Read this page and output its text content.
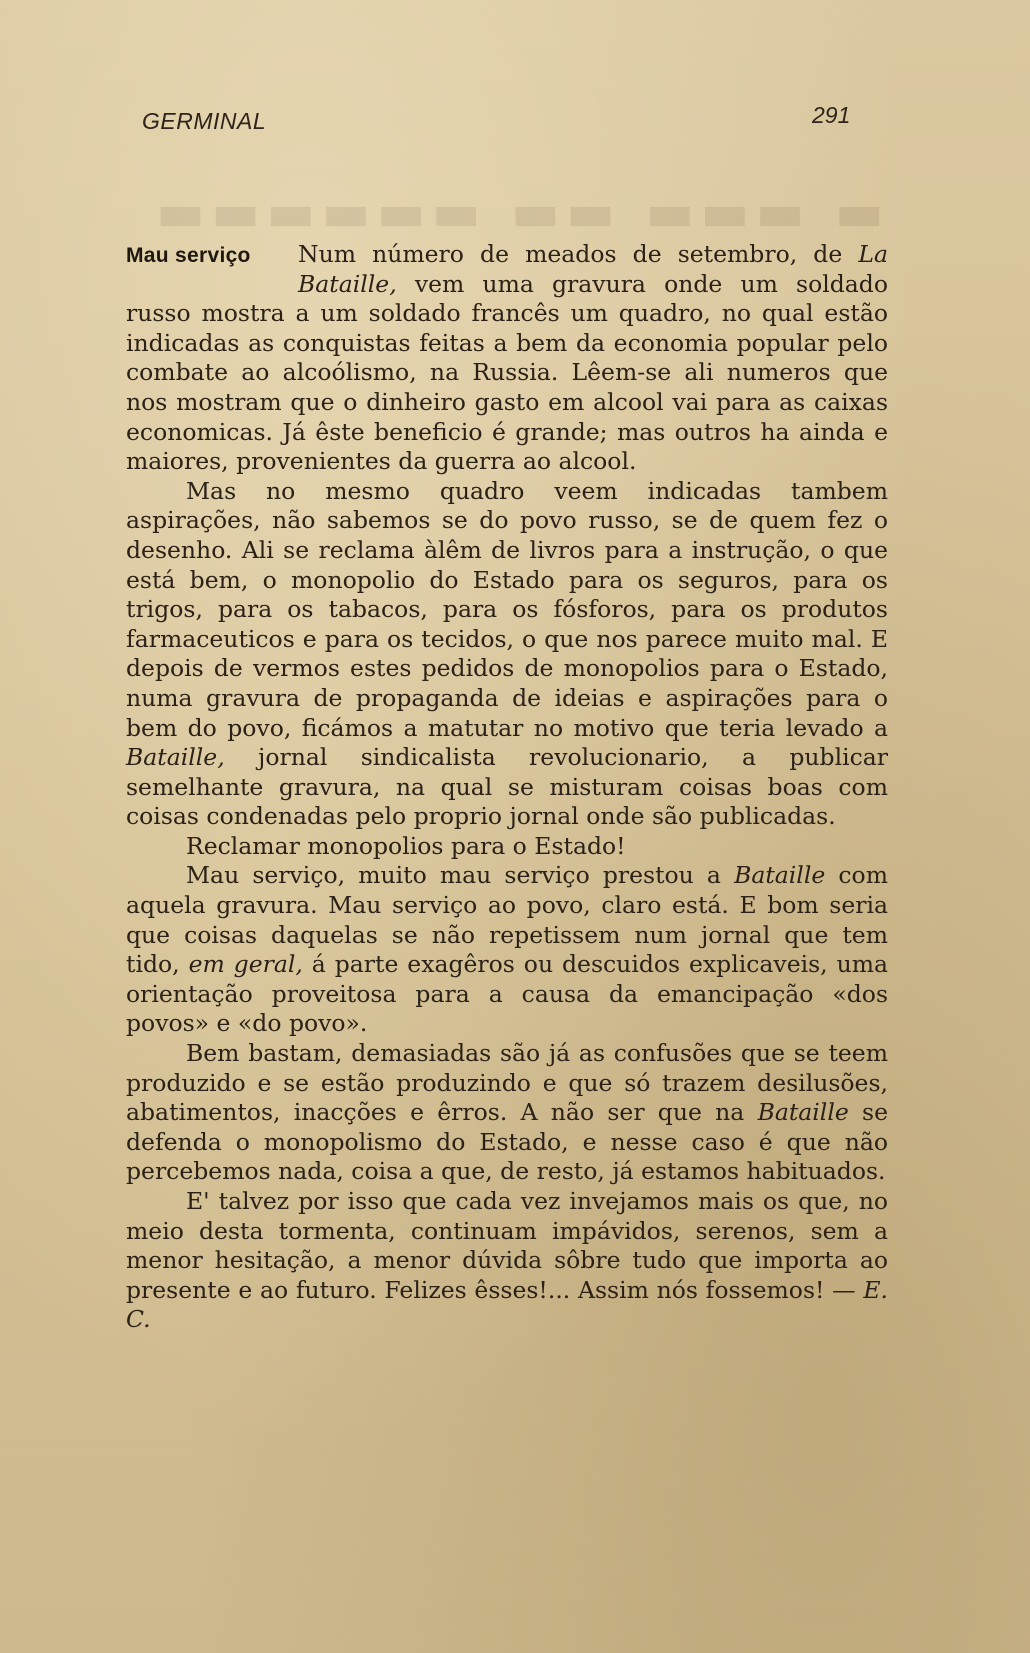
▬ ▬▬▬ ▬▬ ▬▬▬▬▬▬
GERMINAL	291

Mau serviço	Num número de meados de setembro, de La Bataille, vem uma gravura onde um soldado russo mostra a um soldado francês um quadro, no qual estão indicadas as conquistas feitas a bem da economia popular pelo combate ao alcoólismo, na Russia. Lêem-se ali numeros que nos mostram que o dinheiro gasto em alcool vai para as caixas economicas. Já êste beneficio é grande; mas outros ha ainda e maiores, provenientes da guerra ao alcool.

Mas no mesmo quadro veem indicadas tambem aspirações, não sabemos se do povo russo, se de quem fez o desenho. Ali se reclama àlêm de livros para a instrução, o que está bem, o monopolio do Estado para os seguros, para os trigos, para os tabacos, para os fósforos, para os produtos farmaceuticos e para os tecidos, o que nos parece muito mal. E depois de vermos estes pedidos de monopolios para o Estado, numa gravura de propaganda de ideias e aspirações para o bem do povo, ficámos a matutar no motivo que teria levado a Bataille, jornal sindicalista revolucionario, a publicar semelhante gravura, na qual se misturam coisas boas com coisas condenadas pelo proprio jornal onde são publicadas.

Reclamar monopolios para o Estado!

Mau serviço, muito mau serviço prestou a Bataille com aquela gravura. Mau serviço ao povo, claro está. E bom seria que coisas daquelas se não repetissem num jornal que tem tido, em geral, á parte exagêros ou descuidos explicaveis, uma orientação proveitosa para a causa da emancipação «dos povos» e «do povo».

Bem bastam, demasiadas são já as confusões que se teem produzido e se estão produzindo e que só trazem desilusões, abatimentos, inacções e êrros. A não ser que na Bataille se defenda o monopolismo do Estado, e nesse caso é que não percebemos nada, coisa a que, de resto, já estamos habituados.

E' talvez por isso que cada vez invejamos mais os que, no meio desta tormenta, continuam impávidos, serenos, sem a menor hesitação, a menor dúvida sôbre tudo que importa ao presente e ao futuro. Felizes êsses!... Assim nós fossemos! — E. C.
